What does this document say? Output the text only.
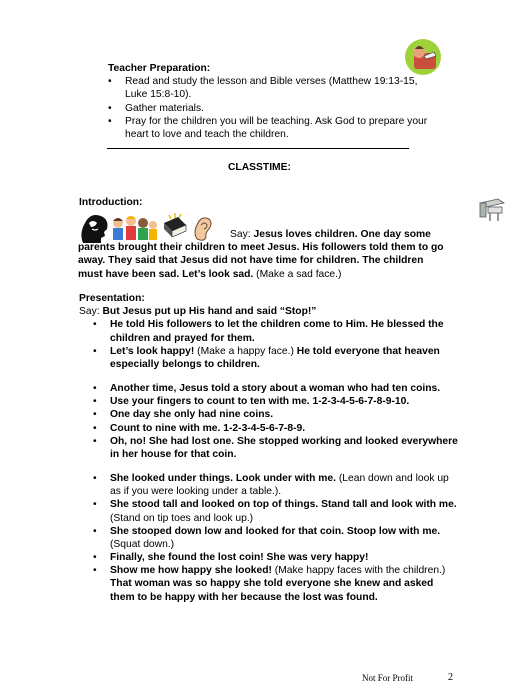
Teacher Preparation:
• Read and study the lesson and Bible verses (Matthew 19:13-15, Luke 15:8-10).
• Gather materials.
• Pray for the children you will be teaching. Ask God to prepare your heart to love and teach the children.
CLASSTIME:
Introduction:
Say: Jesus loves children. One day some parents brought their children to meet Jesus. His followers told them to go away. They said that Jesus did not have time for children. The children must have been sad. Let’s look sad. (Make a sad face.)
Presentation:
Say: But Jesus put up His hand and said “Stop!”
• He told His followers to let the children come to Him. He blessed the children and prayed for them.
• Let’s look happy! (Make a happy face.) He told everyone that heaven especially belongs to children.
• Another time, Jesus told a story about a woman who had ten coins.
• Use your fingers to count to ten with me. 1-2-3-4-5-6-7-8-9-10.
• One day she only had nine coins.
• Count to nine with me. 1-2-3-4-5-6-7-8-9.
• Oh, no! She had lost one. She stopped working and looked everywhere in her house for that coin.
• She looked under things. Look under with me. (Lean down and look up as if you were looking under a table.).
• She stood tall and looked on top of things. Stand tall and look with me. (Stand on tip toes and look up.)
• She stooped down low and looked for that coin. Stoop low with me. (Squat down.)
• Finally, she found the lost coin! She was very happy!
• Show me how happy she looked! (Make happy faces with the children.) That woman was so happy she told everyone she knew and asked them to be happy with her because the lost was found.
Not For Profit	2
